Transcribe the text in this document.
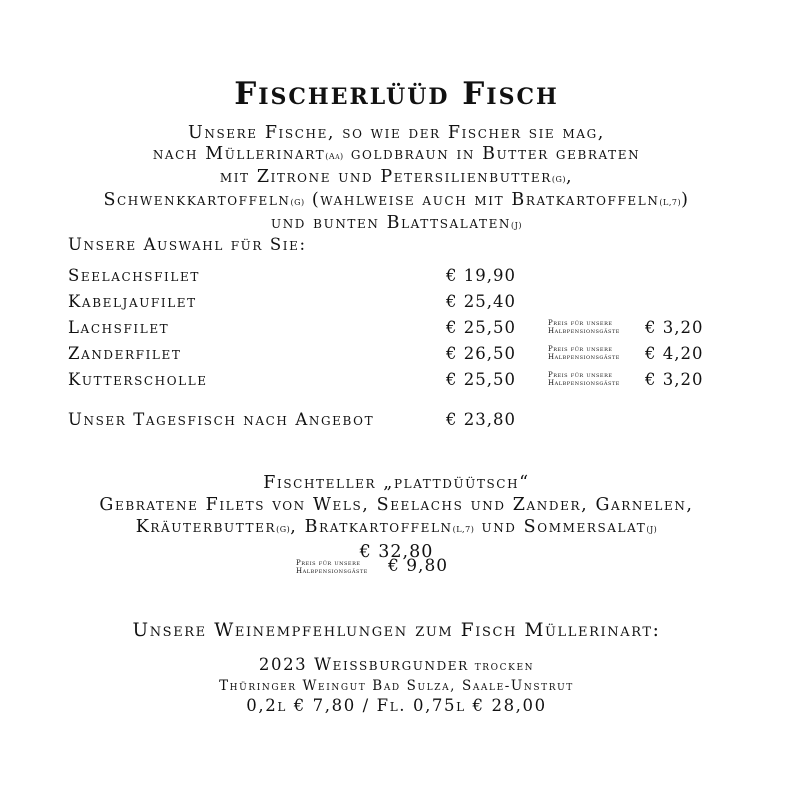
Fischerlüüd Fisch
Unsere Fische, so wie der Fischer sie mag,
nach Müllerinart(Aa) goldbraun in Butter gebraten
mit Zitrone und Petersilienbutter(G),
Schwenkkartoffeln(G) (wahlweise auch mit Bratkartoffeln(L,7))
und bunten Blattsalaten(J)
Unsere Auswahl für Sie:
Seelachsfilet	€ 19,90
Kabeljaufilet	€ 25,40
Lachsfilet	€ 25,50	Preis für unsere
Halbpensionsgäste € 3,20
Zanderfilet	€ 26,50	Preis für unsere
Halbpensionsgäste € 4,20
Kutterscholle	€ 25,50	Preis für unsere
Halbpensionsgäste € 3,20
Unser Tagesfisch nach Angebot	€ 23,80
Fischteller „plattdüütsch“
Gebratene Filets von Wels, Seelachs und Zander, Garnelen,
Kräuterbutter(G), Bratkartoffeln(L,7) und Sommersalat(J)
€ 32,80
Preis für unsere
Halbpensionsgäste € 9,80
Unsere Weinempfehlungen zum Fisch Müllerinart:
2023 Weissburgunder trocken
Thüringer Weingut Bad Sulza, Saale-Unstrut
0,2l € 7,80 / Fl. 0,75l € 28,00
